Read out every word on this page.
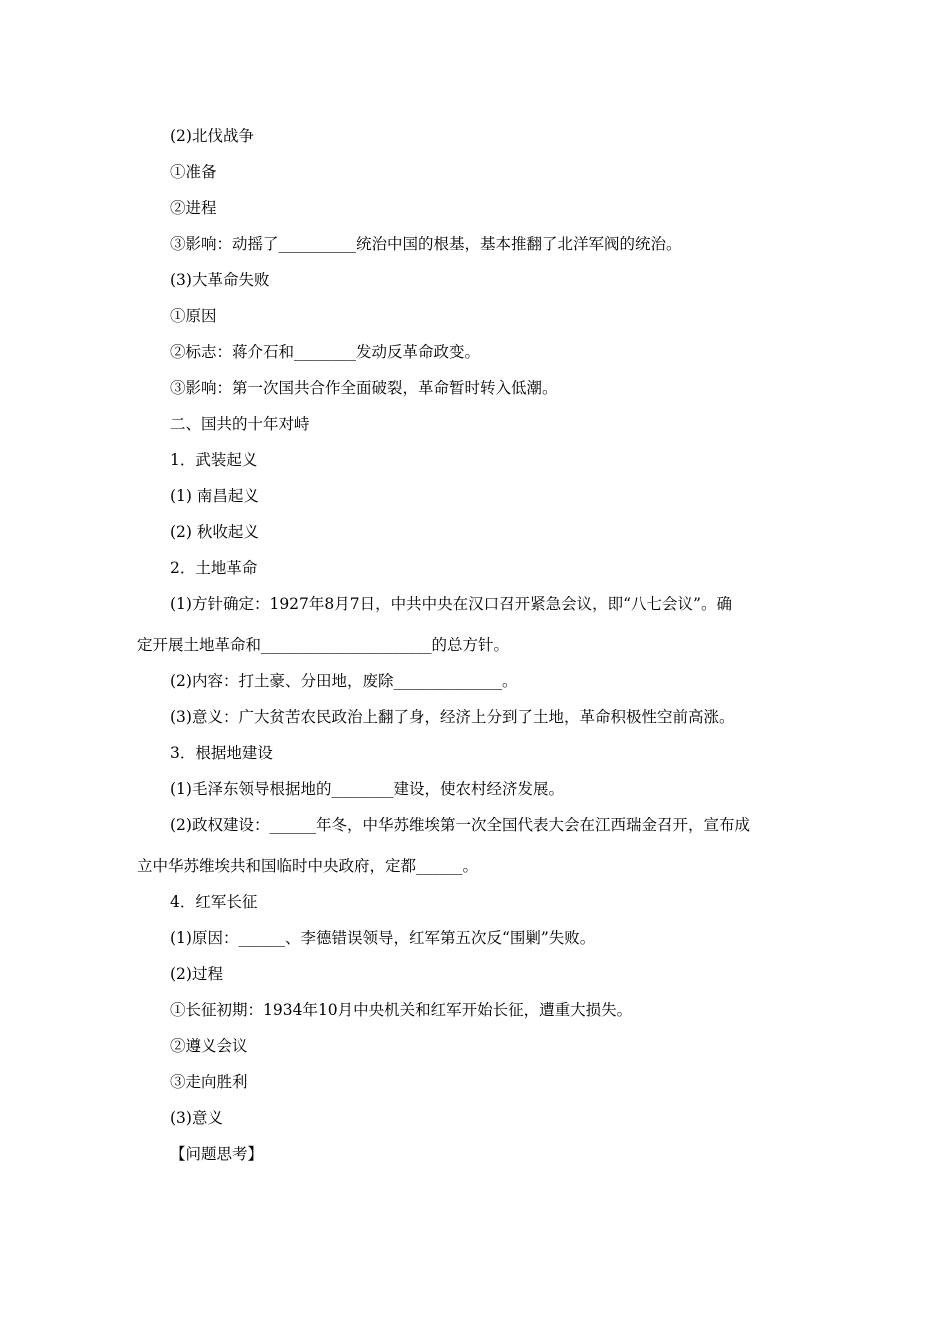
(2)北伐战争
①准备
②进程
③影响：动摇了__________统治中国的根基，基本推翻了北洋军阀的统治。
(3)大革命失败
①原因
②标志：蒋介石和________发动反革命政变。
③影响：第一次国共合作全面破裂，革命暂时转入低潮。
二、国共的十年对峙
1．武装起义
(1) 南昌起义
(2) 秋收起义
2．土地革命
(1)方针确定：1927年8月7日，中共中央在汉口召开紧急会议，即“八七会议”。确
定开展土地革命和______________________的总方针。
(2)内容：打土豪、分田地，废除______________。
(3)意义：广大贫苦农民政治上翻了身，经济上分到了土地，革命积极性空前高涨。
3．根据地建设
(1)毛泽东领导根据地的________建设，使农村经济发展。
(2)政权建设：______年冬，中华苏维埃第一次全国代表大会在江西瑞金召开，宣布成
立中华苏维埃共和国临时中央政府，定都______。
4．红军长征
(1)原因：______、李德错误领导，红军第五次反“围剿”失败。
(2)过程
①长征初期：1934年10月中央机关和红军开始长征，遭重大损失。
②遵义会议
③走向胜利
(3)意义
【问题思考】
